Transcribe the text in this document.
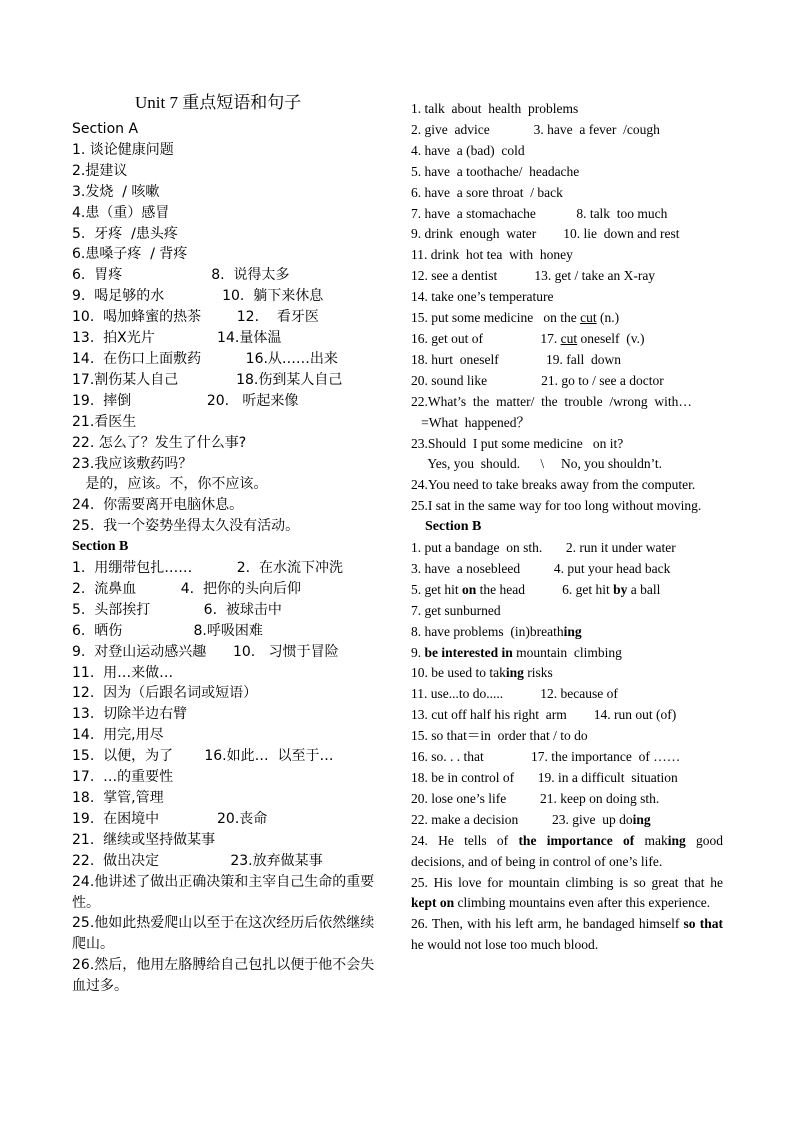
Unit 7 重点短语和句子
Section A
1. 谈论健康问题
2.提建议
3.发烧  / 咳嗽
4.患（重）感冒
5.  牙疼  /患头疼
6.患嗓子疼  / 背疼
6.  胃疼                    8.  说得太多
9.  喝足够的水             10.  躺下来休息
10.  喝加蜂蜜的热茶        12.    看牙医
13.  拍X光片              14.量体温
14.  在伤口上面敷药          16.从……出来
17.割伤某人自己             18.伤到某人自己
19.  摔倒                 20.   听起来像
21.看医生
22. 怎么了？发生了什么事?
23.我应该敷药吗？
是的，应该。不，你不应该。
24.  你需要离开电脑休息。
25.  我一个姿势坐得太久没有活动。
Section B
1.  用绷带包扎……          2.  在水流下冲洗
2.  流鼻血          4.  把你的头向后仰
5.  头部挨打            6.  被球击中
6.  晒伤                8.呼吸困难
9.  对登山运动感兴趣      10.   习惯于冒险
11.  用…来做…
12.  因为（后跟名词或短语）
13.  切除半边右臂
14.  用完,用尽
15.  以便，为了       16.如此…  以至于…
17.  …的重要性
18.  掌管,管理
19.  在困境中             20.丧命
21.  继续或坚持做某事
22.  做出决定                23.放弃做某事
24.他讲述了做出正确决策和主宰自己生命的重要性。
25.他如此热爱爬山以至于在这次经历后依然继续爬山。
26.然后，他用左胳膊给自己包扎以便于他不会失血过多。
1. talk  about  health  problems
2. give  advice             3. have  a fever  /cough
4. have  a (bad)  cold
5. have  a toothache/  headache
6. have  a sore throat  / back
7. have  a stomachache            8. talk  too much
9. drink  enough  water        10. lie  down and rest
11. drink  hot tea  with  honey
12. see a dentist           13. get / take an X-ray
14. take one’s temperature
15. put some medicine   on the cut (n.)
16. get out of                 17. cut oneself  (v.)
18. hurt  oneself              19. fall  down
20. sound like                21. go to / see a doctor
22.What’s  the  matter/  the  trouble  /wrong  with…
=What  happened？
23.Should  I put some medicine   on it?
Yes, you  should.      \     No, you shouldn’t.
24.You need to take breaks away from the computer.
25.I sat in the same way for too long without moving.
Section B
1. put a bandage  on sth.       2. run it under water
3. have  a nosebleed          4. put your head back
5. get hit on the head           6. get hit by a ball
7. get sunburned
8. have problems  (in)breathing
9. be interested in mountain  climbing
10. be used to taking risks
11. use...to do.....           12. because of
13. cut off half his right  arm        14. run out (of)
15. so that＝in  order that / to do
16. so. . . that              17. the importance  of ……
18. be in control of       19. in a difficult  situation
20. lose one’s life          21. keep on doing sth.
22. make a decision          23. give  up doing
24. He tells of the importance of making good decisions, and of being in control of one’s life.
25. His love for mountain climbing is so great that he kept on climbing mountains even after this experience.
26. Then, with his left arm, he bandaged himself so that he would not lose too much blood.
